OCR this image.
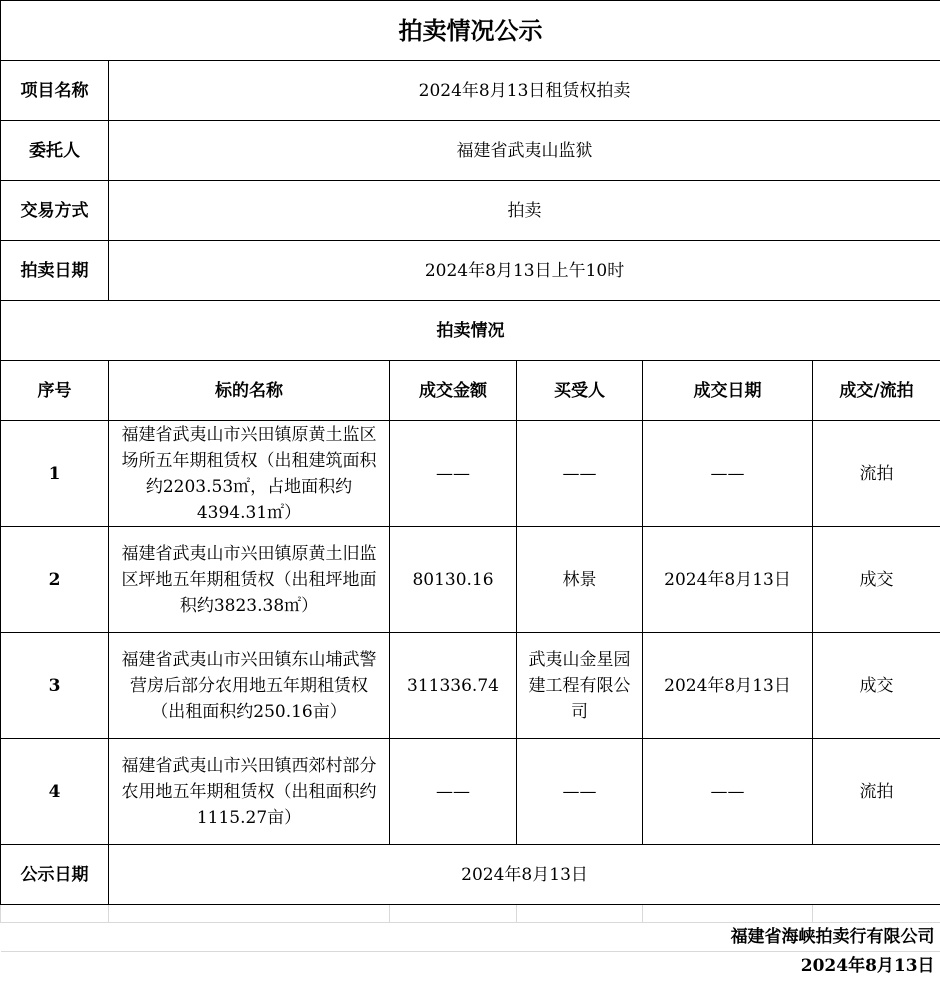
拍卖情况公示					
项目名称	2024年8月13日租赁权拍卖				
委托人	福建省武夷山监狱				
交易方式	拍卖				
拍卖日期	2024年8月13日上午10时				
拍卖情况					
序号	标的名称	成交金额	买受人	成交日期	成交/流拍
1	福建省武夷山市兴田镇原黄土监区场所五年期租赁权（出租建筑面积约2203.53㎡，占地面积约4394.31㎡）	——	——	——	流拍
2	福建省武夷山市兴田镇原黄土旧监区坪地五年期租赁权（出租坪地面积约3823.38㎡）	80130.16	林景	2024年8月13日	成交
3	福建省武夷山市兴田镇东山埔武警营房后部分农用地五年期租赁权（出租面积约250.16亩）	311336.74	武夷山金星园建工程有限公司	2024年8月13日	成交
4	福建省武夷山市兴田镇西郊村部分农用地五年期租赁权（出租面积约1115.27亩）	——	——	——	流拍
公示日期	2024年8月13日				

福建省海峡拍卖行有限公司					
2024年8月13日					
